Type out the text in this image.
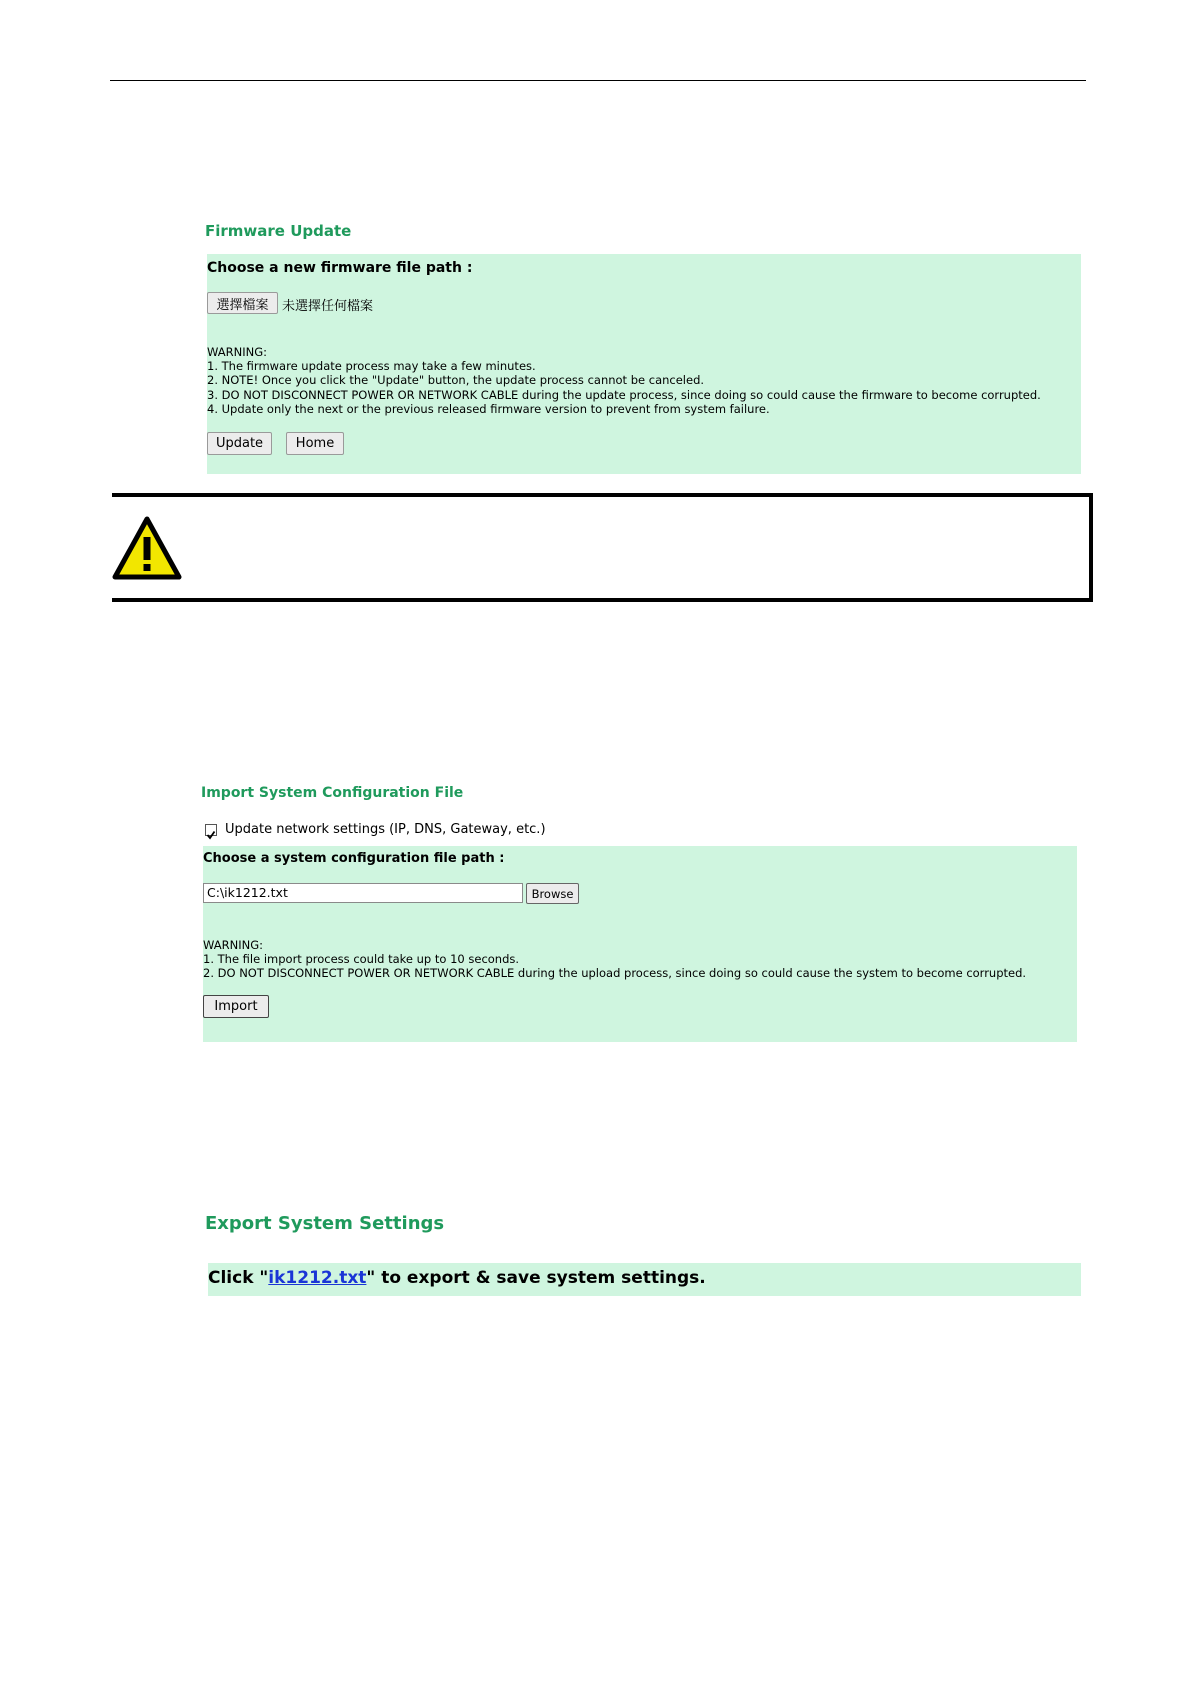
Firmware Update
Choose a new firmware file path :
選擇檔案	未選擇任何檔案
WARNING:
1. The firmware update process may take a few minutes.
2. NOTE! Once you click the "Update" button, the update process cannot be canceled.
3. DO NOT DISCONNECT POWER OR NETWORK CABLE during the update process, since doing so could cause the firmware to become corrupted.
4. Update only the next or the previous released firmware version to prevent from system failure.
Update	Home
Import System Configuration File
Update network settings (IP, DNS, Gateway, etc.)
Choose a system configuration file path :
C:\ik1212.txt	Browse
WARNING:
1. The file import process could take up to 10 seconds.
2. DO NOT DISCONNECT POWER OR NETWORK CABLE during the upload process, since doing so could cause the system to become corrupted.
Import
Export System Settings
Click "ik1212.txt" to export & save system settings.
